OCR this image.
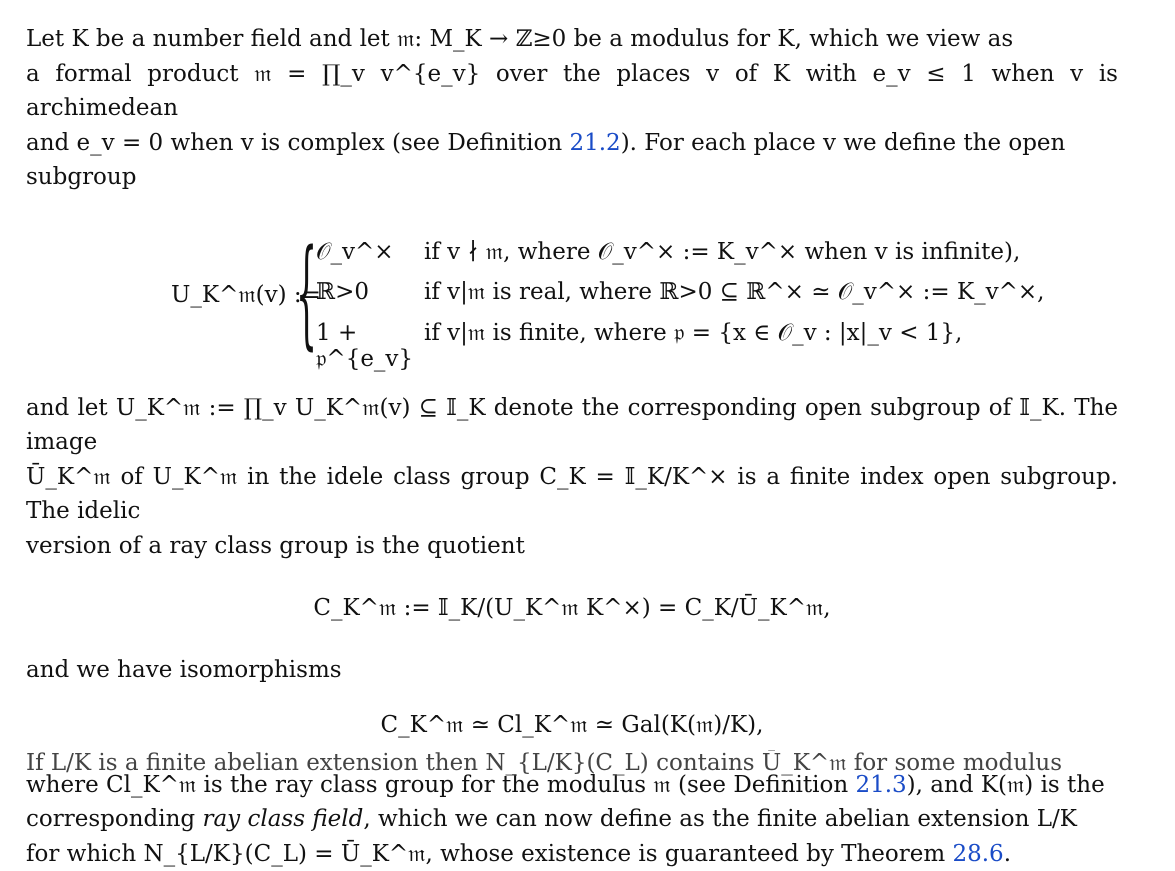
Let K be a number field and let 𝔪: M_K → ℤ≥0 be a modulus for K, which we view as
a formal product 𝔪 = ∏_v v^{e_v} over the places v of K with e_v ≤ 1 when v is archimedean
and e_v = 0 when v is complex (see Definition 21.2). For each place v we define the open
subgroup

U_K^𝔪(v) :=
{
𝒪_v^× if v ∤ 𝔪, where 𝒪_v^× := K_v^× when v is infinite),
ℝ>0 if v|𝔪 is real, where ℝ>0 ⊆ ℝ^× ≃ 𝒪_v^× := K_v^×,
1 + 𝔭^{e_v}
if v|𝔪 is finite, where 𝔭 = {x ∈ 𝒪_v : |x|_v < 1},

and let U_K^𝔪 := ∏_v U_K^𝔪(v) ⊆ 𝕀_K denote the corresponding open subgroup of 𝕀_K. The image
Ū_K^𝔪 of U_K^𝔪 in the idele class group C_K = 𝕀_K/K^× is a finite index open subgroup. The idelic
version of a ray class group is the quotient

C_K^𝔪 := 𝕀_K/(U_K^𝔪 K^×) = C_K/Ū_K^𝔪,

and we have isomorphisms

C_K^𝔪 ≃ Cl_K^𝔪 ≃ Gal(K(𝔪)/K),

where Cl_K^𝔪 is the ray class group for the modulus 𝔪 (see Definition 21.3), and K(𝔪) is the
corresponding ray class field, which we can now define as the finite abelian extension L/K
for which N_{L/K}(C_L) = Ū_K^𝔪, whose existence is guaranteed by Theorem 28.6.

If L/K is a finite abelian extension then N_{L/K}(C_L) contains Ū_K^𝔪 for some modulus
